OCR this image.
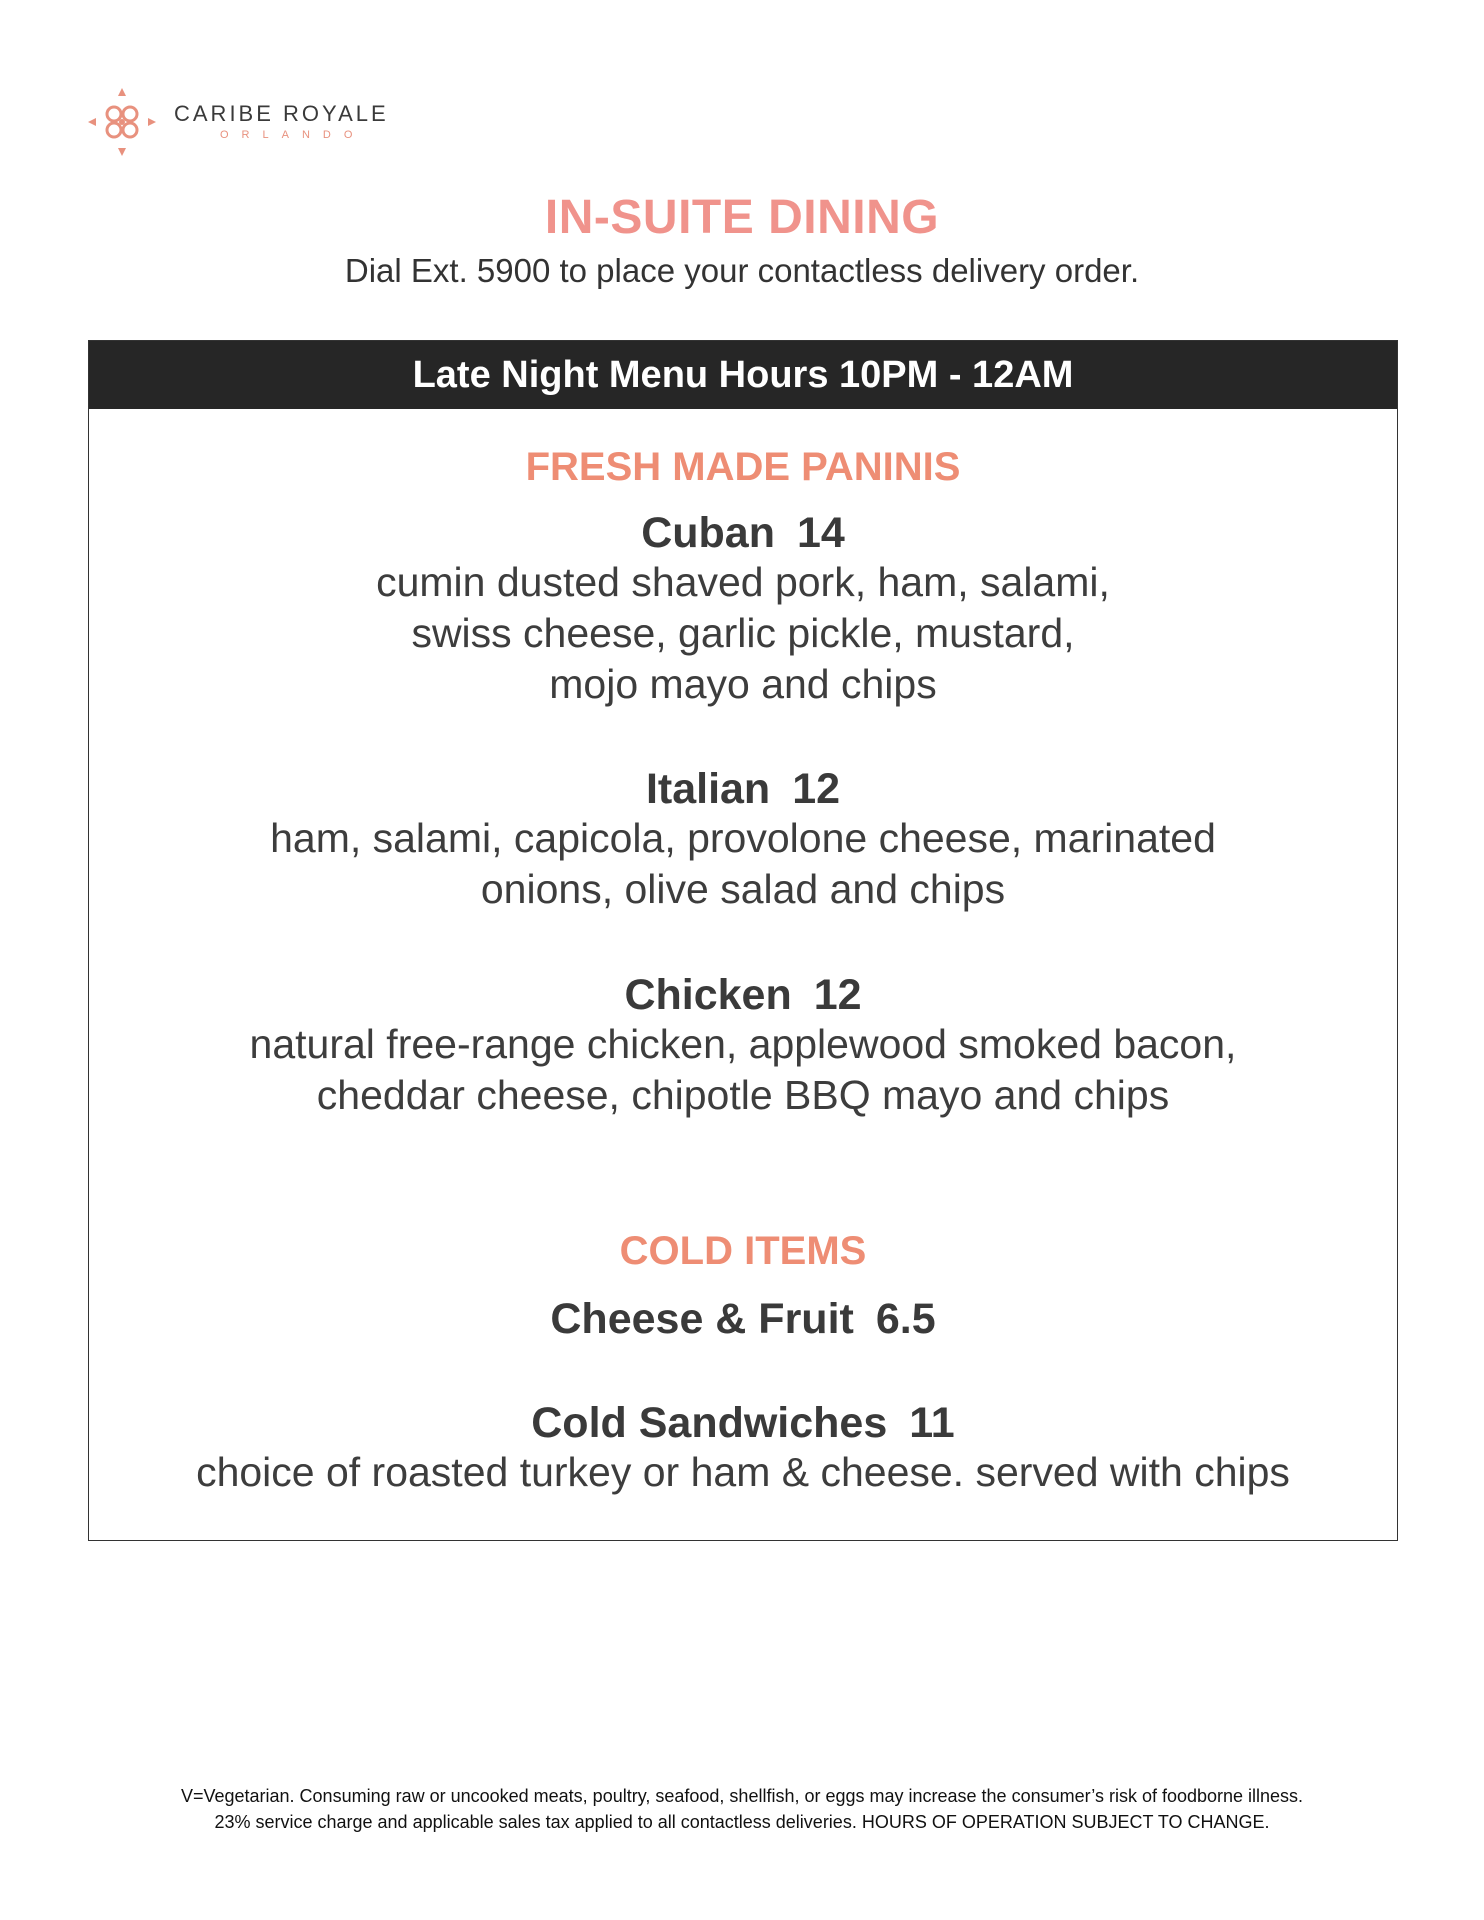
CARIBE ROYALE
ORLANDO
IN-SUITE DINING
Dial Ext. 5900 to place your contactless delivery order.
Late Night Menu Hours 10PM - 12AM
FRESH MADE PANINIS
Cuban 14
cumin dusted shaved pork, ham, salami,
swiss cheese, garlic pickle, mustard,
mojo mayo and chips
Italian 12
ham, salami, capicola, provolone cheese, marinated
onions, olive salad and chips
Chicken 12
natural free-range chicken, applewood smoked bacon,
cheddar cheese, chipotle BBQ mayo and chips
COLD ITEMS
Cheese & Fruit 6.5
Cold Sandwiches 11
choice of roasted turkey or ham & cheese. served with chips
V=Vegetarian. Consuming raw or uncooked meats, poultry, seafood, shellfish, or eggs may increase the consumer’s risk of foodborne illness.
23% service charge and applicable sales tax applied to all contactless deliveries. HOURS OF OPERATION SUBJECT TO CHANGE.
